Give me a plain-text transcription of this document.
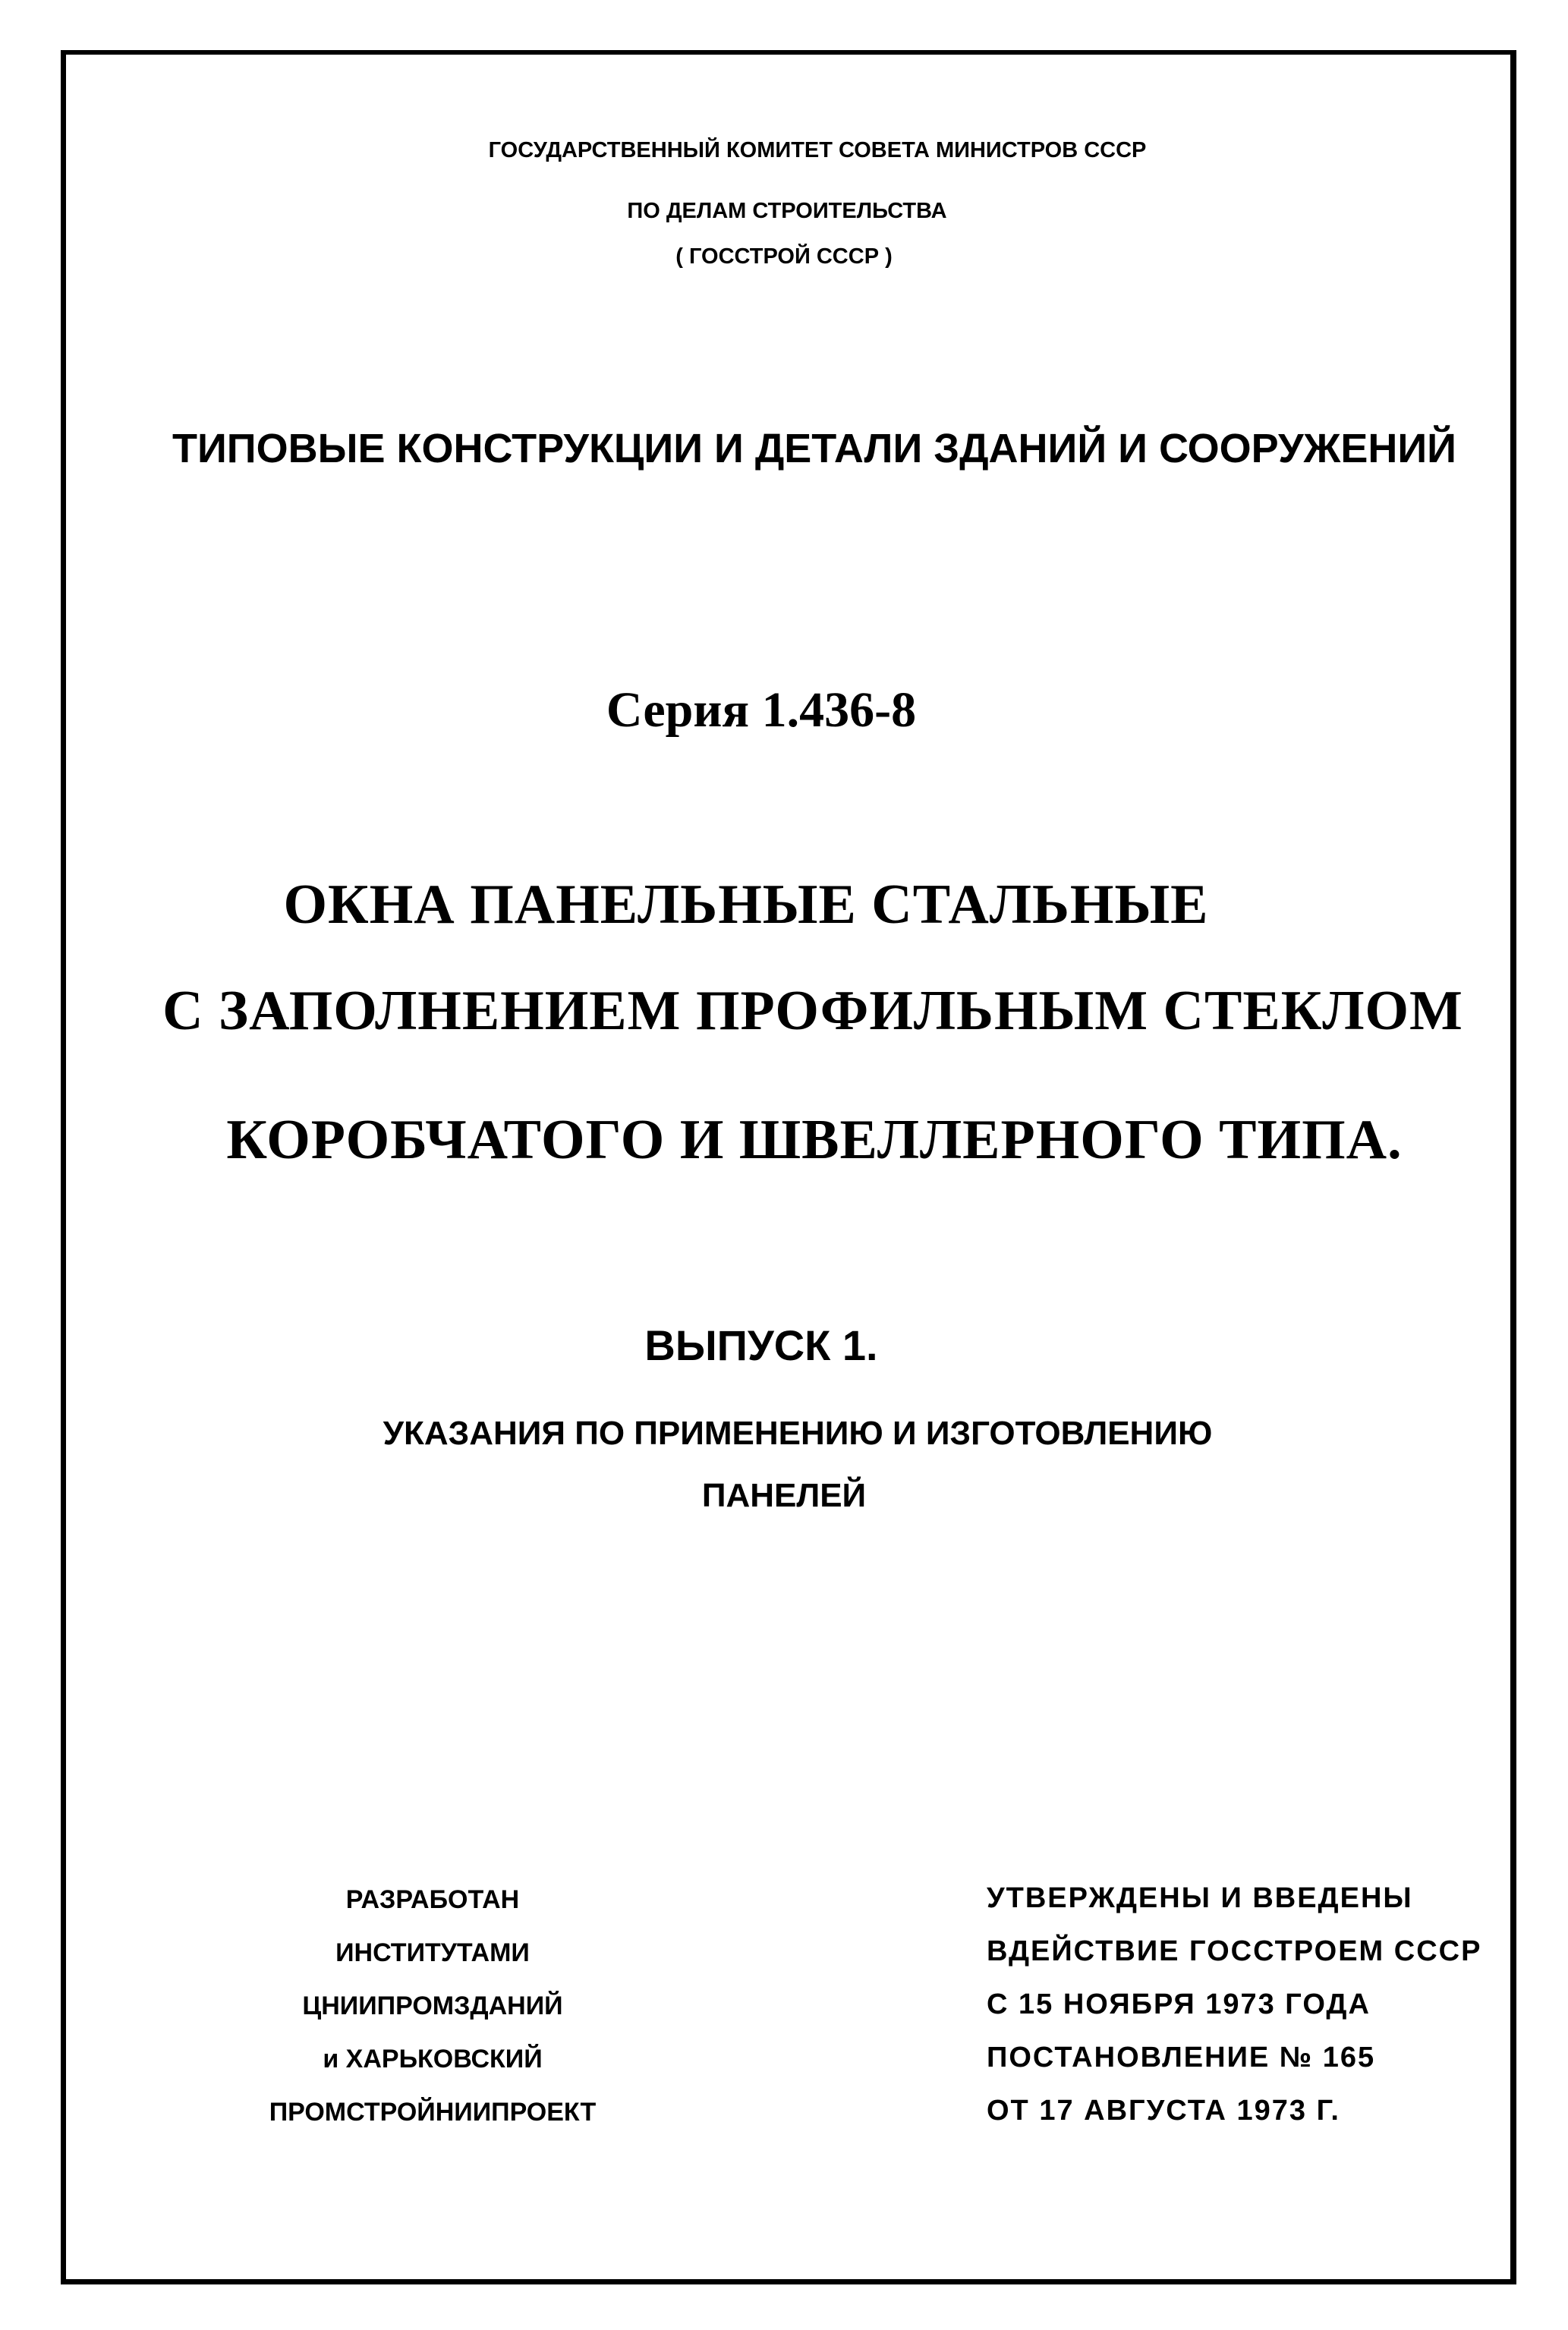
ГОСУДАРСТВЕННЫЙ КОМИТЕТ СОВЕТА МИНИСТРОВ СССР
ПО ДЕЛАМ СТРОИТЕЛЬСТВА
( ГОССТРОЙ СССР )
ТИПОВЫЕ КОНСТРУКЦИИ И ДЕТАЛИ ЗДАНИЙ И СООРУЖЕНИЙ
Серия 1.436-8
ОКНА ПАНЕЛЬНЫЕ СТАЛЬНЫЕ
С ЗАПОЛНЕНИЕМ ПРОФИЛЬНЫМ СТЕКЛОМ
КОРОБЧАТОГО И ШВЕЛЛЕРНОГО ТИПА.
ВЫПУСК 1.
УКАЗАНИЯ ПО ПРИМЕНЕНИЮ И ИЗГОТОВЛЕНИЮ
ПАНЕЛЕЙ
РАЗРАБОТАН
ИНСТИТУТАМИ
ЦНИИПРОМЗДАНИЙ
и ХАРЬКОВСКИЙ
ПРОМСТРОЙНИИПРОЕКТ
УТВЕРЖДЕНЫ И ВВЕДЕНЫ
ВДЕЙСТВИЕ ГОССТРОЕМ СССР
С 15 НОЯБРЯ 1973 ГОДА
ПОСТАНОВЛЕНИЕ № 165
ОТ 17 АВГУСТА 1973 Г.
